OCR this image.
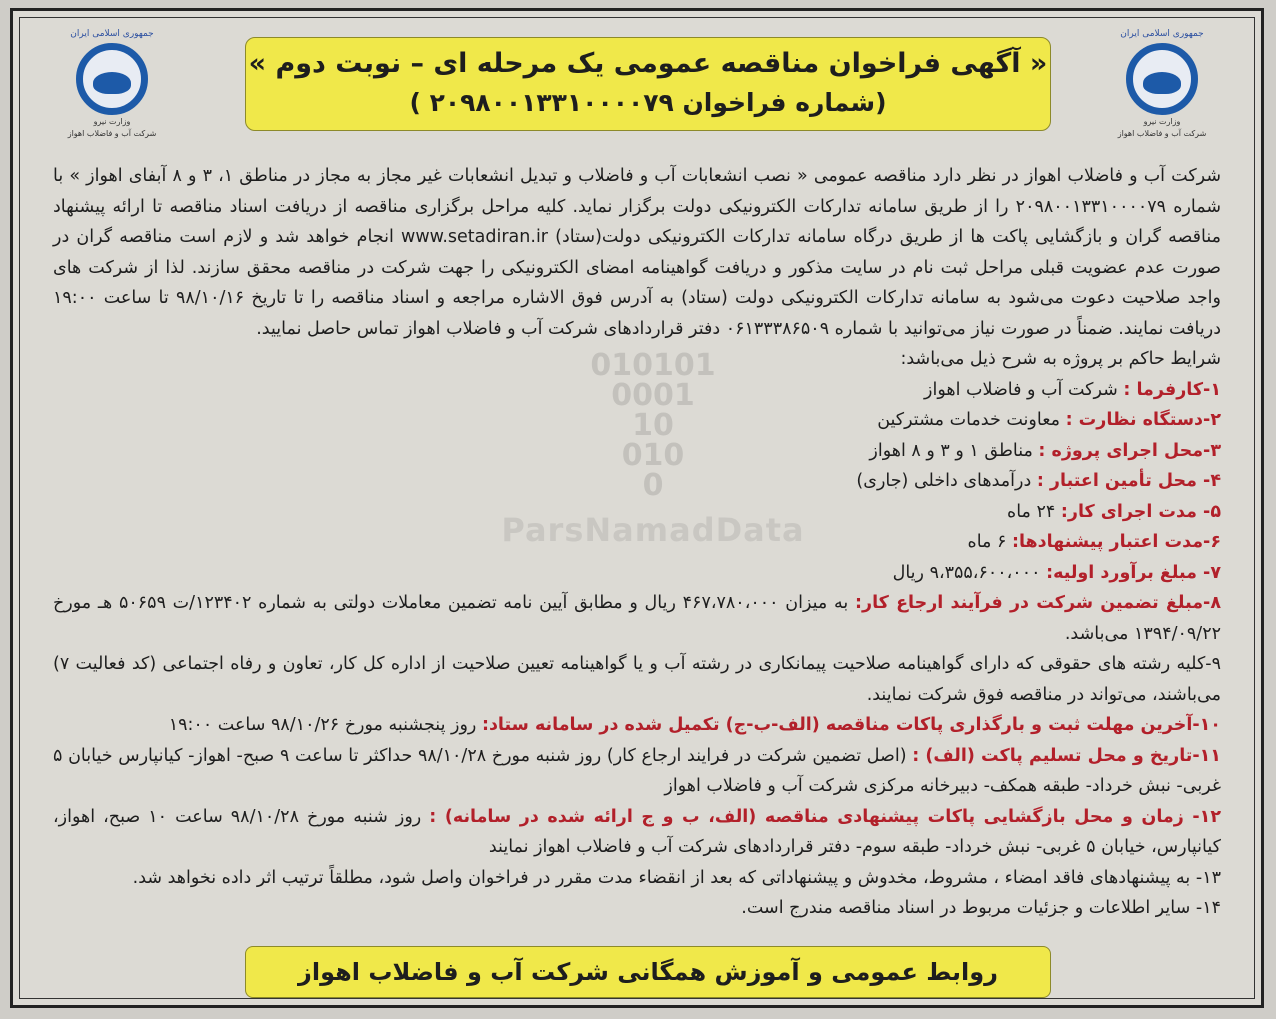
جمهوری اسلامی ایران
وزارت نیرو
شرکت آب و فاضلاب اهواز
جمهوری اسلامی ایران
وزارت نیرو
شرکت آب و فاضلاب اهواز
« آگهی فراخوان مناقصه عمومی یک مرحله ای – نوبت دوم »
(شماره فراخوان ۲۰۹۸۰۰۱۳۳۱۰۰۰۰۷۹ )
010101
0001
10
010
0
ParsNamadData

شرکت آب و فاضلاب اهواز در نظر دارد مناقصه عمومی « نصب انشعابات آب و فاضلاب و تبدیل انشعابات غیر مجاز به مجاز در مناطق ۱، ۳ و ۸ آبفای اهواز » با شماره ۲۰۹۸۰۰۱۳۳۱۰۰۰۰۷۹ را از طریق سامانه تدارکات الکترونیکی دولت برگزار نماید. کلیه مراحل برگزاری مناقصه از دریافت اسناد مناقصه تا ارائه پیشنهاد مناقصه گران و بازگشایی پاکت ها از طریق درگاه سامانه تدارکات الکترونیکی دولت(ستاد) www.setadiran.ir انجام خواهد شد و لازم است مناقصه گران در صورت عدم عضویت قبلی مراحل ثبت نام در سایت مذکور و دریافت گواهینامه امضای الکترونیکی را جهت شرکت در مناقصه محقق سازند. لذا از شرکت های واجد صلاحیت دعوت می‌شود به سامانه تدارکات الکترونیکی دولت (ستاد) به آدرس فوق الاشاره مراجعه و اسناد مناقصه را تا تاریخ ۹۸/۱۰/۱۶ تا ساعت ۱۹:۰۰ دریافت نمایند. ضمناً در صورت نیاز می‌توانید با شماره ۰۶۱۳۳۳۸۶۵۰۹ دفتر قراردادهای شرکت آب و فاضلاب اهواز تماس حاصل نمایید.

شرایط حاکم بر پروژه به شرح ذیل می‌باشد:

۱-کارفرما : شرکت آب و فاضلاب اهواز

۲-دستگاه نظارت : معاونت خدمات مشترکین

۳-محل اجرای پروژه : مناطق ۱ و ۳ و ۸ اهواز

۴- محل تأمین اعتبار : درآمدهای داخلی (جاری)

۵- مدت اجرای کار: ۲۴ ماه

۶-مدت اعتبار پیشنهادها: ۶ ماه

۷- مبلغ برآورد اولیه: ۹،۳۵۵،۶۰۰،۰۰۰ ریال

۸-مبلغ تضمین شرکت در فرآیند ارجاع کار: به میزان ۴۶۷،۷۸۰،۰۰۰ ریال و مطابق آیین نامه تضمین معاملات دولتی به شماره ۱۲۳۴۰۲/ت ۵۰۶۵۹ هـ مورخ ۱۳۹۴/۰۹/۲۲ می‌باشد.

۹-کلیه رشته های حقوقی که دارای گواهینامه صلاحیت پیمانکاری در رشته آب و یا گواهینامه تعیین صلاحیت از اداره کل کار، تعاون و رفاه اجتماعی (کد فعالیت ۷) می‌باشند، می‌تواند در مناقصه فوق شرکت نمایند.

۱۰-آخرین مهلت ثبت و بارگذاری پاکات مناقصه (الف-ب-ج) تکمیل شده در سامانه ستاد: روز پنجشنبه مورخ ۹۸/۱۰/۲۶ ساعت ۱۹:۰۰

۱۱-تاریخ و محل تسلیم پاکت (الف) : (اصل تضمین شرکت در فرایند ارجاع کار) روز شنبه مورخ ۹۸/۱۰/۲۸ حداکثر تا ساعت ۹ صبح- اهواز- کیانپارس خیابان ۵ غربی- نبش خرداد- طبقه همکف- دبیرخانه مرکزی شرکت آب و فاضلاب اهواز

۱۲- زمان و محل بازگشایی پاکات پیشنهادی مناقصه (الف، ب و ج ارائه شده در سامانه) : روز شنبه مورخ ۹۸/۱۰/۲۸ ساعت ۱۰ صبح، اهواز، کیانپارس، خیابان ۵ غربی- نبش خرداد- طبقه سوم- دفتر قراردادهای شرکت آب و فاضلاب اهواز نمایند

۱۳- به پیشنهادهای فاقد امضاء ، مشروط، مخدوش و پیشنهاداتی که بعد از انقضاء مدت مقرر در فراخوان واصل شود، مطلقاً ترتیب اثر داده نخواهد شد.

۱۴- سایر اطلاعات و جزئیات مربوط در اسناد مناقصه مندرج است.

روابط عمومی و آموزش همگانی شرکت آب و فاضلاب اهواز
